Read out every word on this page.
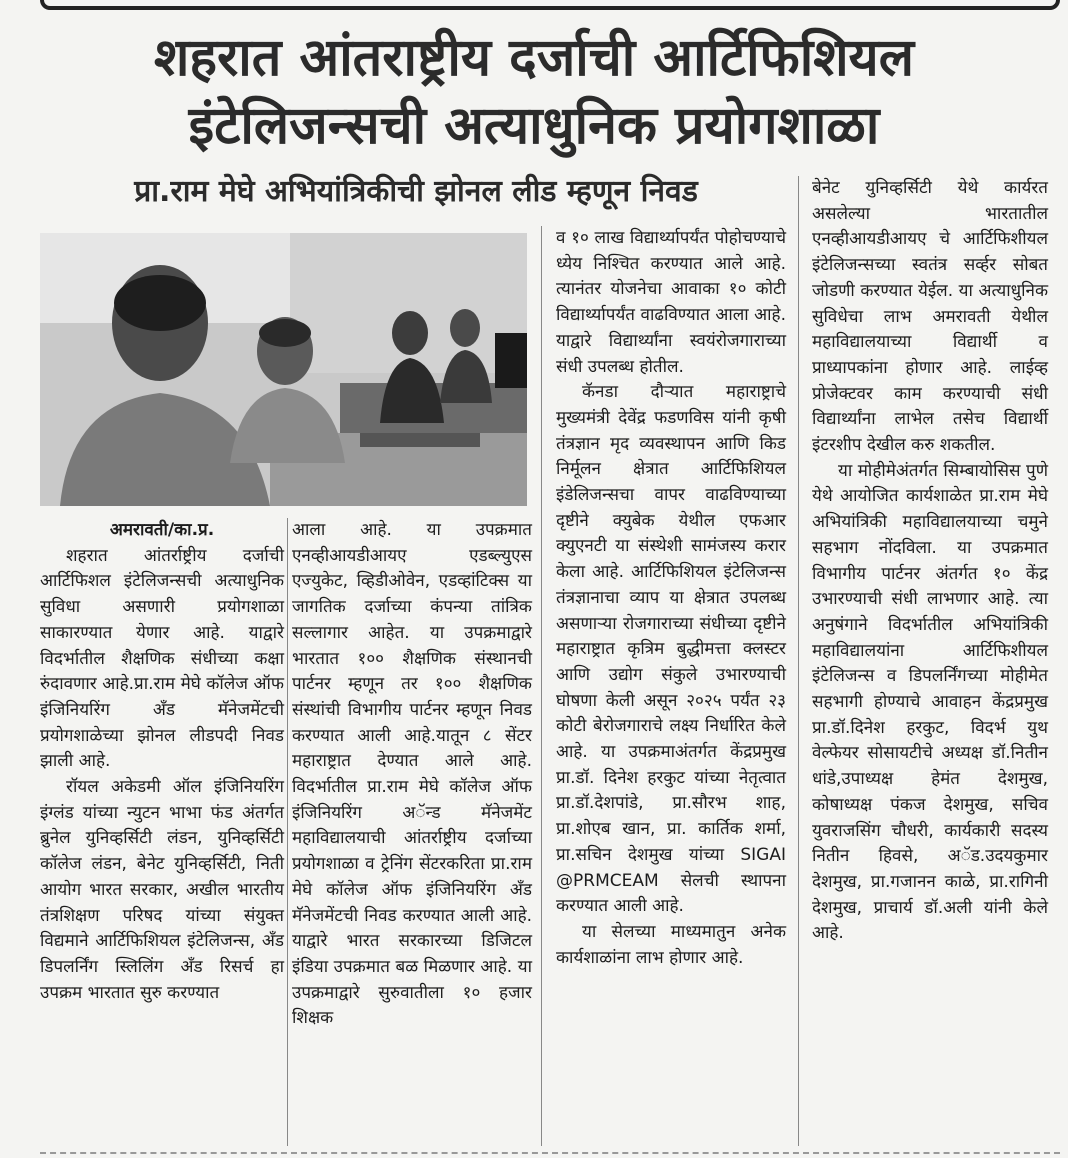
शहरात आंतराष्ट्रीय दर्जाची आर्टिफिशियल
इंटेलिजन्सची अत्याधुनिक प्रयोगशाळा
प्रा.राम मेघे अभियांत्रिकीची झोनल लीड म्हणून निवड

अमरावती/का.प्र.

शहरात आंतर्राष्ट्रीय दर्जाची आर्टिफिशल इंटेलिजन्सची अत्याधुनिक सुविधा असणारी प्रयोगशाळा साकारण्यात येणार आहे. याद्वारे विदर्भातील शैक्षणिक संधीच्या कक्षा रुंदावणार आहे.प्रा.राम मेघे कॉलेज ऑफ इंजिनियरिंग अँड मॅनेजमेंटची प्रयोगशाळेच्या झोनल लीडपदी निवड झाली आहे.

रॉयल अकेडमी ऑल इंजिनियरिंग इंग्लंड यांच्या न्युटन भाभा फंड अंतर्गत ब्रुनेल युनिव्हर्सिटी लंडन, युनिव्हर्सिटी कॉलेज लंडन, बेनेट युनिव्हर्सिटी, निती आयोग भारत सरकार, अखील भारतीय तंत्रशिक्षण परिषद यांच्या संयुक्त विद्यमाने आर्टिफिशियल इंटेलिजन्स, अँड डिपलर्निंग स्लिलिंग अँड रिसर्च हा उपक्रम भारतात सुरु करण्यात

आला आहे. या उपक्रमात एनव्हीआयडीआयए एडब्ल्युएस एज्युकेट, व्हिडीओवेन, एडव्हांटिक्स या जागतिक दर्जाच्या कंपन्या तांत्रिक सल्लागार आहेत. या उपक्रमाद्वारे भारतात १०० शैक्षणिक संस्थानची पार्टनर म्हणून तर १०० शैक्षणिक संस्थांची विभागीय पार्टनर म्हणून निवड करण्यात आली आहे.यातून ८ सेंटर महाराष्ट्रात देण्यात आले आहे. विदर्भातील प्रा.राम मेघे कॉलेज ऑफ इंजिनियरिंग अॅन्ड मॅनेजमेंट महाविद्यालयाची आंतर्राष्ट्रीय दर्जाच्या प्रयोगशाळा व ट्रेनिंग सेंटरकरिता प्रा.राम मेघे कॉलेज ऑफ इंजिनियरिंग अँड मॅनेजमेंटची निवड करण्यात आली आहे. याद्वारे भारत सरकारच्या डिजिटल इंडिया उपक्रमात बळ मिळणार आहे. या उपक्रमाद्वारे सुरुवातीला १० हजार शिक्षक

व १० लाख विद्यार्थ्यापर्यंत पोहोचण्याचे ध्येय निश्चित करण्यात आले आहे. त्यानंतर योजनेचा आवाका १० कोटी विद्यार्थ्यापर्यंत वाढविण्यात आला आहे. याद्वारे विद्यार्थ्यांना स्वयंरोजगाराच्या संधी उपलब्ध होतील.

कॅनडा दौऱ्यात महाराष्ट्राचे मुख्यमंत्री देवेंद्र फडणविस यांनी कृषी तंत्रज्ञान मृद व्यवस्थापन आणि किड निर्मूलन क्षेत्रात आर्टिफिशियल इंडेलिजन्सचा वापर वाढविण्याच्या दृष्टीने क्युबेक येथील एफआर क्युएनटी या संस्थेशी सामंजस्य करार केला आहे. आर्टिफिशियल इंटेलिजन्स तंत्रज्ञानाचा व्याप या क्षेत्रात उपलब्ध असणाऱ्या रोजगाराच्या संधीच्या दृष्टीने महाराष्ट्रात कृत्रिम बुद्धीमत्ता क्लस्टर आणि उद्योग संकुले उभारण्याची घोषणा केली असून २०२५ पर्यंत २३ कोटी बेरोजगाराचे लक्ष्य निर्धारित केले आहे. या उपक्रमाअंतर्गत केंद्रप्रमुख प्रा.डॉ. दिनेश हरकुट यांच्या नेतृत्वात प्रा.डॉ.देशपांडे, प्रा.सौरभ शाह, प्रा.शोएब खान, प्रा. कार्तिक शर्मा, प्रा.सचिन देशमुख यांच्या SIGAI @PRMCEAM सेलची स्थापना करण्यात आली आहे.

या सेलच्या माध्यमातुन अनेक कार्यशाळांना लाभ होणार आहे.

बेनेट युनिव्हर्सिटी येथे कार्यरत असलेल्या भारतातील एनव्हीआयडीआयए चे आर्टिफिशीयल इंटेलिजन्सच्या स्वतंत्र सर्व्हर सोबत जोडणी करण्यात येईल. या अत्याधुनिक सुविधेचा लाभ अमरावती येथील महाविद्यालयाच्या विद्यार्थी व प्राध्यापकांना होणार आहे. लाईव्ह प्रोजेक्टवर काम करण्याची संधी विद्यार्थ्यांना लाभेल तसेच विद्यार्थी इंटरशीप देखील करु शकतील.

या मोहीमेअंतर्गत सिम्बायोसिस पुणे येथे आयोजित कार्यशाळेत प्रा.राम मेघे अभियांत्रिकी महाविद्यालयाच्या चमुने सहभाग नोंदविला. या उपक्रमात विभागीय पार्टनर अंतर्गत १० केंद्र उभारण्याची संधी लाभणार आहे. त्या अनुषंगाने विदर्भातील अभियांत्रिकी महाविद्यालयांना आर्टिफिशीयल इंटेलिजन्स व डिपलर्निंगच्या मोहीमेत सहभागी होण्याचे आवाहन केंद्रप्रमुख प्रा.डॉ.दिनेश हरकुट, विदर्भ युथ वेल्फेयर सोसायटीचे अध्यक्ष डॉ.नितीन धांडे,उपाध्यक्ष हेमंत देशमुख, कोषाध्यक्ष पंकज देशमुख, सचिव युवराजसिंग चौधरी, कार्यकारी सदस्य नितीन हिवसे, अॅड.उदयकुमार देशमुख, प्रा.गजानन काळे, प्रा.रागिनी देशमुख, प्राचार्य डॉ.अली यांनी केले आहे.
